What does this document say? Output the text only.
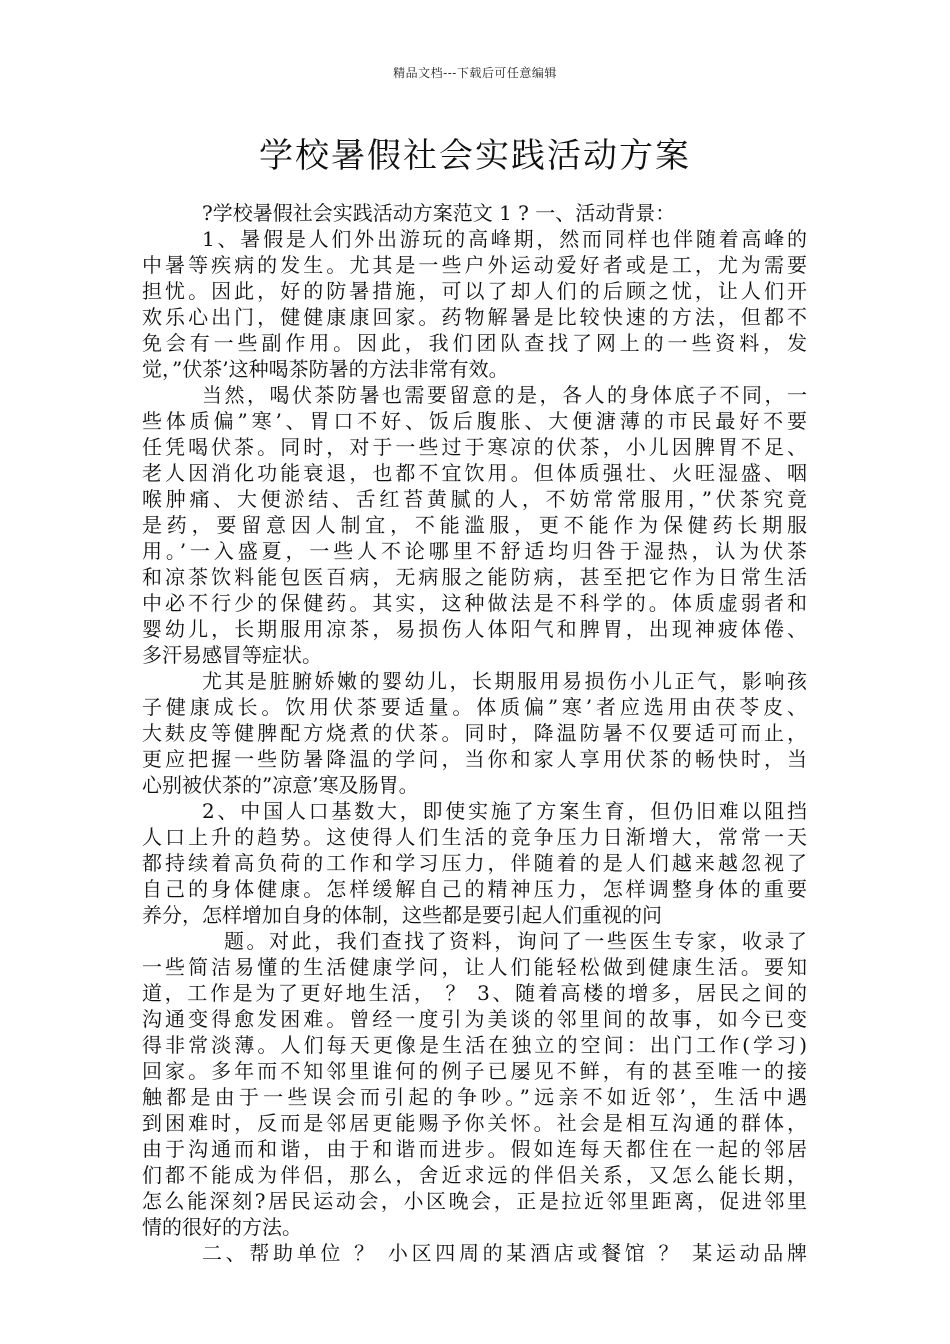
精品文档---下载后可任意编辑
学校暑假社会实践活动方案
?学校暑假社会实践活动方案范文 1 ? 一、活动背景：
1、暑假是人们外出游玩的高峰期，然而同样也伴随着高峰的
中暑等疾病的发生。尤其是一些户外运动爱好者或是工，尤为需要
担忧。因此，好的防暑措施，可以了却人们的后顾之忧，让人们开
欢乐心出门，健健康康回家。药物解暑是比较快速的方法，但都不
免会有一些副作用。因此，我们团队查找了网上的一些资料，发
觉，”伏茶’这种喝茶防暑的方法非常有效。
当然，喝伏茶防暑也需要留意的是，各人的身体底子不同，一
些体质偏”寒’、胃口不好、饭后腹胀、大便溏薄的市民最好不要
任凭喝伏茶。同时，对于一些过于寒凉的伏茶，小儿因脾胃不足、
老人因消化功能衰退，也都不宜饮用。但体质强壮、火旺湿盛、咽
喉肿痛、大便淤结、舌红苔黄腻的人，不妨常常服用，”伏茶究竟
是药，要留意因人制宜，不能滥服，更不能作为保健药长期服
用。’一入盛夏，一些人不论哪里不舒适均归咎于湿热，认为伏茶
和凉茶饮料能包医百病，无病服之能防病，甚至把它作为日常生活
中必不行少的保健药。其实，这种做法是不科学的。体质虚弱者和
婴幼儿，长期服用凉茶，易损伤人体阳气和脾胃，出现神疲体倦、
多汗易感冒等症状。
尤其是脏腑娇嫩的婴幼儿，长期服用易损伤小儿正气，影响孩
子健康成长。饮用伏茶要适量。体质偏”寒’者应选用由茯苓皮、
大麸皮等健脾配方烧煮的伏茶。同时，降温防暑不仅要适可而止，
更应把握一些防暑降温的学问，当你和家人享用伏茶的畅快时，当
心别被伏茶的”凉意’寒及肠胃。
2、中国人口基数大，即使实施了方案生育，但仍旧难以阻挡
人口上升的趋势。这使得人们生活的竞争压力日渐增大，常常一天
都持续着高负荷的工作和学习压力，伴随着的是人们越来越忽视了
自己的身体健康。怎样缓解自己的精神压力，怎样调整身体的重要
养分，怎样增加自身的体制，这些都是要引起人们重视的问
题。对此，我们查找了资料，询问了一些医生专家，收录了
一些简洁易懂的生活健康学问，让人们能轻松做到健康生活。要知
道，工作是为了更好地生活， ？ 3、随着高楼的增多，居民之间的
沟通变得愈发困难。曾经一度引为美谈的邻里间的故事，如今已变
得非常淡薄。人们每天更像是生活在独立的空间：出门工作(学习)
回家。多年而不知邻里谁何的例子已屡见不鲜，有的甚至唯一的接
触都是由于一些误会而引起的争吵。”远亲不如近邻’，生活中遇
到困难时，反而是邻居更能赐予你关怀。社会是相互沟通的群体，
由于沟通而和谐，由于和谐而进步。假如连每天都住在一起的邻居
们都不能成为伴侣，那么，舍近求远的伴侣关系，又怎么能长期，
怎么能深刻?居民运动会，小区晚会，正是拉近邻里距离，促进邻里
情的很好的方法。
二、帮助单位 ？ 小区四周的某酒店或餐馆 ？ 某运动品牌
